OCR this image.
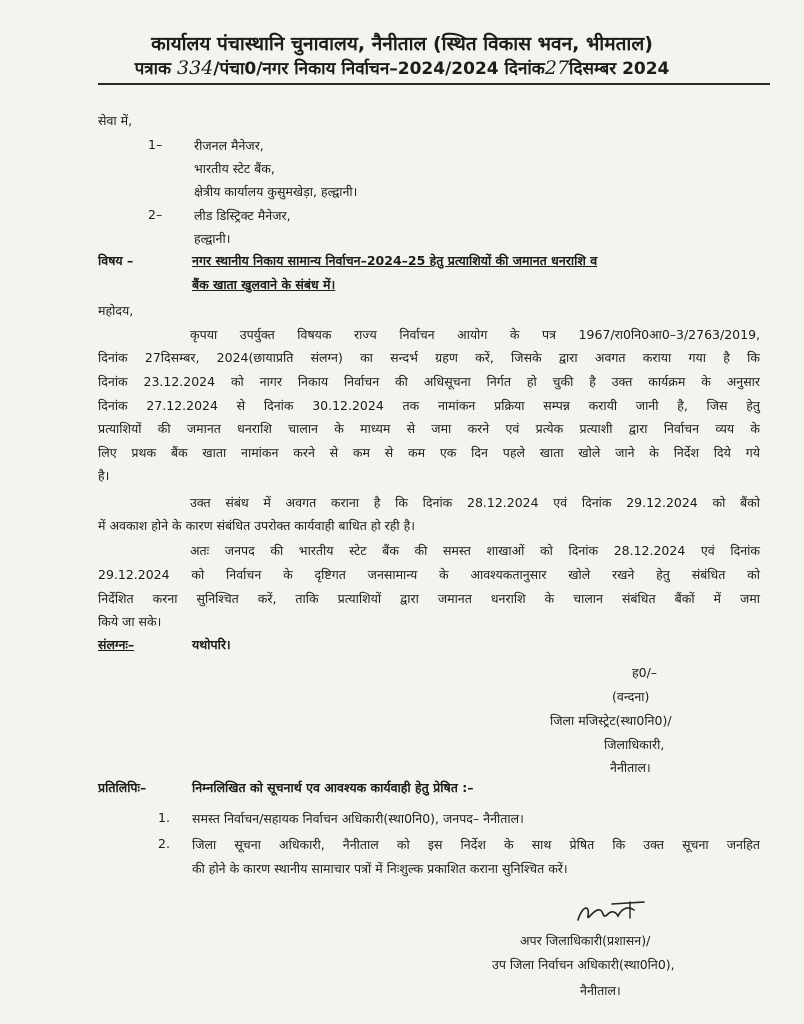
कार्यालय पंचास्थानि चुनावालय, नैनीताल (स्थित विकास भवन, भीमताल)
पत्राक 334/पंचा0/नगर निकाय निर्वाचन–2024/2024 दिनांक27दिसम्बर 2024
सेवा में,
1–	रीजनल मैनेजर,
भारतीय स्टेट बैंक,
क्षेत्रीय कार्यालय कुसुमखेड़ा, हल्द्वानी।
2–	लीड डिस्ट्रिक्ट मैनेजर,
हल्द्वानी।
विषय –	नगर स्थानीय निकाय सामान्य निर्वाचन–2024–25 हेतु प्रत्याशियों की जमानत धनराशि व
बैंक खाता खुलवाने के संबंध में।
महोदय,
कृपया उपर्युक्त विषयक राज्य निर्वाचन आयोग के पत्र 1967/रा0नि0आ0–3/2763/2019,
दिनांक 27दिसम्बर, 2024(छायाप्रति संलग्न) का सन्दर्भ ग्रहण करें, जिसके द्वारा अवगत कराया गया है कि
दिनांक 23.12.2024 को नागर निकाय निर्वाचन की अधिसूचना निर्गत हो चुकी है उक्त कार्यक्रम के अनुसार
दिनांक 27.12.2024 से दिनांक 30.12.2024 तक नामांकन प्रक्रिया सम्पन्न करायी जानी है, जिस हेतु
प्रत्याशियों की जमानत धनराशि चालान के माध्यम से जमा करने एवं प्रत्येक प्रत्याशी द्वारा निर्वाचन व्यय के
लिए प्रथक बैंक खाता नामांकन करने से कम से कम एक दिन पहले खाता खोले जाने के निर्देश दिये गये
है।
उक्त संबंध में अवगत कराना है कि दिनांक 28.12.2024 एवं दिनांक 29.12.2024 को बैंको
में अवकाश होने के कारण संबंधित उपरोक्त कार्यवाही बाधित हो रही है।
अतः जनपद की भारतीय स्टेट बैंक की समस्त शाखाओं को दिनांक 28.12.2024 एवं दिनांक
29.12.2024 को निर्वाचन के दृष्टिगत जनसामान्य के आवश्यकतानुसार खोले रखने हेतु संबंधित को
निर्देशित करना सुनिश्चित करें, ताकि प्रत्याशियों द्वारा जमानत धनराशि के चालान संबंधित बैंकों में जमा
किये जा सके।
संलग्नः–	यथोपरि।
ह0/–
(वन्दना)
जिला मजिस्ट्रेट(स्था0नि0)/
जिलाधिकारी,
नैनीताल।
प्रतिलिपिः–	निम्नलिखित को सूचनार्थ एव आवश्यक कार्यवाही हेतु प्रेषित :–
1. समस्त निर्वाचन/सहायक निर्वाचन अधिकारी(स्था0नि0), जनपद– नैनीताल।
2. जिला सूचना अधिकारी, नैनीताल को इस निर्देश के साथ प्रेषित कि उक्त सूचना जनहित
की होने के कारण स्थानीय सामाचार पत्रों में निःशुल्क प्रकाशित कराना सुनिश्चित करें।
अपर जिलाधिकारी(प्रशासन)/
उप जिला निर्वाचन अधिकारी(स्था0नि0),
नैनीताल।
